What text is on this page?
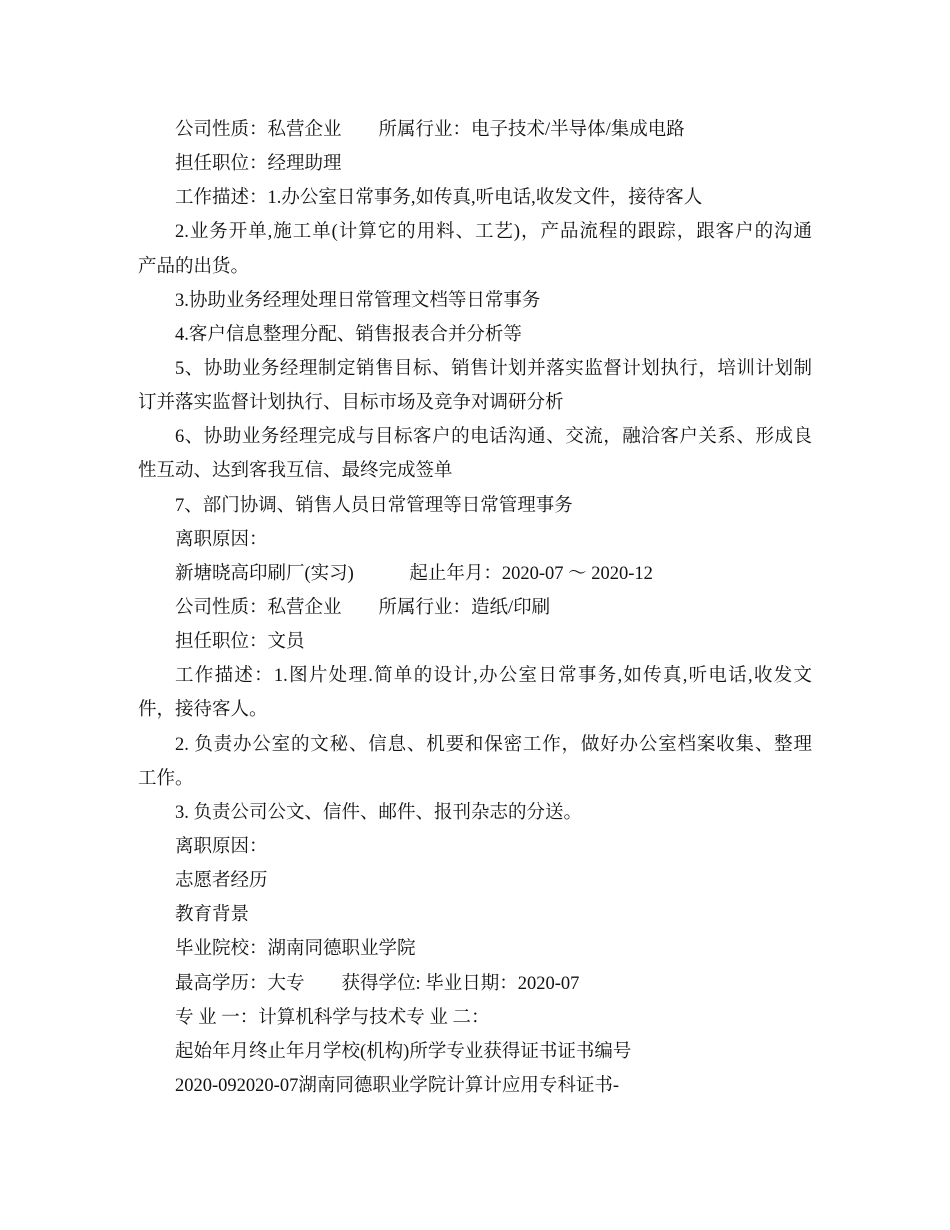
公司性质：私营企业　　所属行业：电子技术/半导体/集成电路
担任职位：经理助理
工作描述：1.办公室日常事务,如传真,听电话,收发文件，接待客人
2.业务开单,施工单(计算它的用料、工艺)，产品流程的跟踪，跟客户的沟通
产品的出货。
3.协助业务经理处理日常管理文档等日常事务
4.客户信息整理分配、销售报表合并分析等
5、协助业务经理制定销售目标、销售计划并落实监督计划执行，培训计划制
订并落实监督计划执行、目标市场及竞争对调研分析
6、协助业务经理完成与目标客户的电话沟通、交流，融洽客户关系、形成良
性互动、达到客我互信、最终完成签单
7、部门协调、销售人员日常管理等日常管理事务
离职原因：
新塘晓高印刷厂(实习)　　　起止年月：2020-07 ～ 2020-12
公司性质：私营企业　　所属行业：造纸/印刷
担任职位：文员
工作描述：1.图片处理.简单的设计,办公室日常事务,如传真,听电话,收发文
件，接待客人。
2. 负责办公室的文秘、信息、机要和保密工作，做好办公室档案收集、整理
工作。
3. 负责公司公文、信件、邮件、报刊杂志的分送。
离职原因：
志愿者经历
教育背景
毕业院校：湖南同德职业学院
最高学历：大专　　获得学位: 毕业日期：2020-07
专 业 一：计算机科学与技术专 业 二：
起始年月终止年月学校(机构)所学专业获得证书证书编号
2020-092020-07湖南同德职业学院计算计应用专科证书-
